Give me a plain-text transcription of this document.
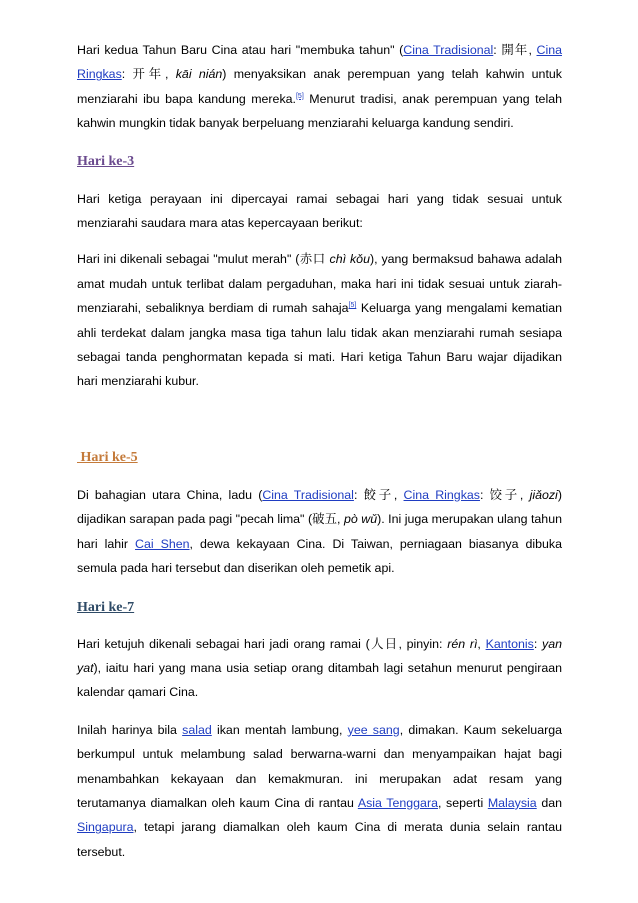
Hari kedua Tahun Baru Cina atau hari "membuka tahun" (Cina Tradisional: 開年, Cina Ringkas: 开年, kāi nián) menyaksikan anak perempuan yang telah kahwin untuk menziarahi ibu bapa kandung mereka.[5] Menurut tradisi, anak perempuan yang telah kahwin mungkin tidak banyak berpeluang menziarahi keluarga kandung sendiri.

Hari ke-3

Hari ketiga perayaan ini dipercayai ramai sebagai hari yang tidak sesuai untuk menziarahi saudara mara atas kepercayaan berikut:

Hari ini dikenali sebagai "mulut merah" (赤口 chì kǒu), yang bermaksud bahawa adalah amat mudah untuk terlibat dalam pergaduhan, maka hari ini tidak sesuai untuk ziarah-menziarahi, sebaliknya berdiam di rumah sahaja[5] Keluarga yang mengalami kematian ahli terdekat dalam jangka masa tiga tahun lalu tidak akan menziarahi rumah sesiapa sebagai tanda penghormatan kepada si mati. Hari ketiga Tahun Baru wajar dijadikan hari menziarahi kubur.

Hari ke-5

Di bahagian utara China, ladu (Cina Tradisional: 餃子, Cina Ringkas: 饺子, jiǎozi) dijadikan sarapan pada pagi "pecah lima" (破五, pò wǔ). Ini juga merupakan ulang tahun hari lahir Cai Shen, dewa kekayaan Cina. Di Taiwan, perniagaan biasanya dibuka semula pada hari tersebut dan diserikan oleh pemetik api.

Hari ke-7

Hari ketujuh dikenali sebagai hari jadi orang ramai (人日, pinyin: rén rì, Kantonis: yan yat), iaitu hari yang mana usia setiap orang ditambah lagi setahun menurut pengiraan kalendar qamari Cina.

Inilah harinya bila salad ikan mentah lambung, yee sang, dimakan. Kaum sekeluarga berkumpul untuk melambung salad berwarna-warni dan menyampaikan hajat bagi menambahkan kekayaan dan kemakmuran. ini merupakan adat resam yang terutamanya diamalkan oleh kaum Cina di rantau Asia Tenggara, seperti Malaysia dan Singapura, tetapi jarang diamalkan oleh kaum Cina di merata dunia selain rantau tersebut.
